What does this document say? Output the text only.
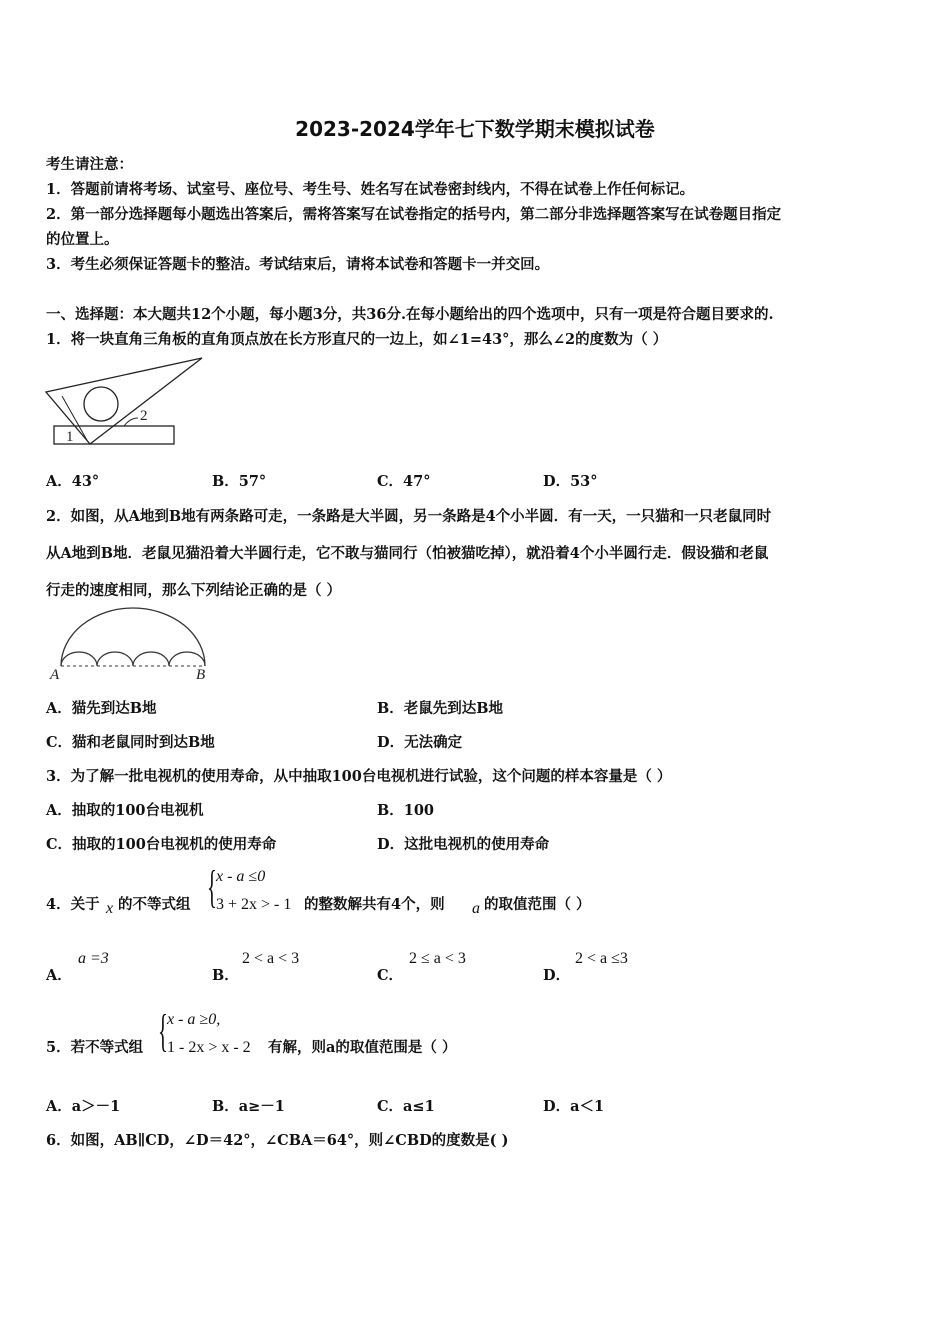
2023-2024学年七下数学期末模拟试卷
考生请注意：
1．答题前请将考场、试室号、座位号、考生号、姓名写在试卷密封线内，不得在试卷上作任何标记。
2．第一部分选择题每小题选出答案后，需将答案写在试卷指定的括号内，第二部分非选择题答案写在试卷题目指定
的位置上。
3．考生必须保证答题卡的整洁。考试结束后，请将本试卷和答题卡一并交回。
一、选择题：本大题共12个小题，每小题3分，共36分.在每小题给出的四个选项中，只有一项是符合题目要求的.
1．将一块直角三角板的直角顶点放在长方形直尺的一边上，如∠1=43°，那么∠2的度数为（ ）
2
1
A．43°	B．57°	C．47°	D．53°
2．如图，从A地到B地有两条路可走，一条路是大半圆，另一条路是4个小半圆．有一天，一只猫和一只老鼠同时
从A地到B地．老鼠见猫沿着大半圆行走，它不敢与猫同行（怕被猫吃掉），就沿着4个小半圆行走．假设猫和老鼠
行走的速度相同，那么下列结论正确的是（ ）
A	B
A．猫先到达B地	B．老鼠先到达B地
C．猫和老鼠同时到达B地	D．无法确定
3．为了解一批电视机的使用寿命，从中抽取100台电视机进行试验，这个问题的样本容量是（ ）
A．抽取的100台电视机	B．100
C．抽取的100台电视机的使用寿命	D．这批电视机的使用寿命
4．关于 x 的不等式组 { x - a ≤0
3 + 2x > - 1 的整数解共有4个，则 a 的取值范围（ ）
A．
a =3
B．
2 < a < 3
C．
2 ≤ a < 3
D．
2 < a ≤3
5．若不等式组 { x - a ≥0,
1 - 2x > x - 2 有解，则a的取值范围是（ ）
A．a＞－1	B．a≥－1	C．a≤1	D．a＜1
6．如图，AB∥CD，∠D＝42°，∠CBA＝64°，则∠CBD的度数是( )
